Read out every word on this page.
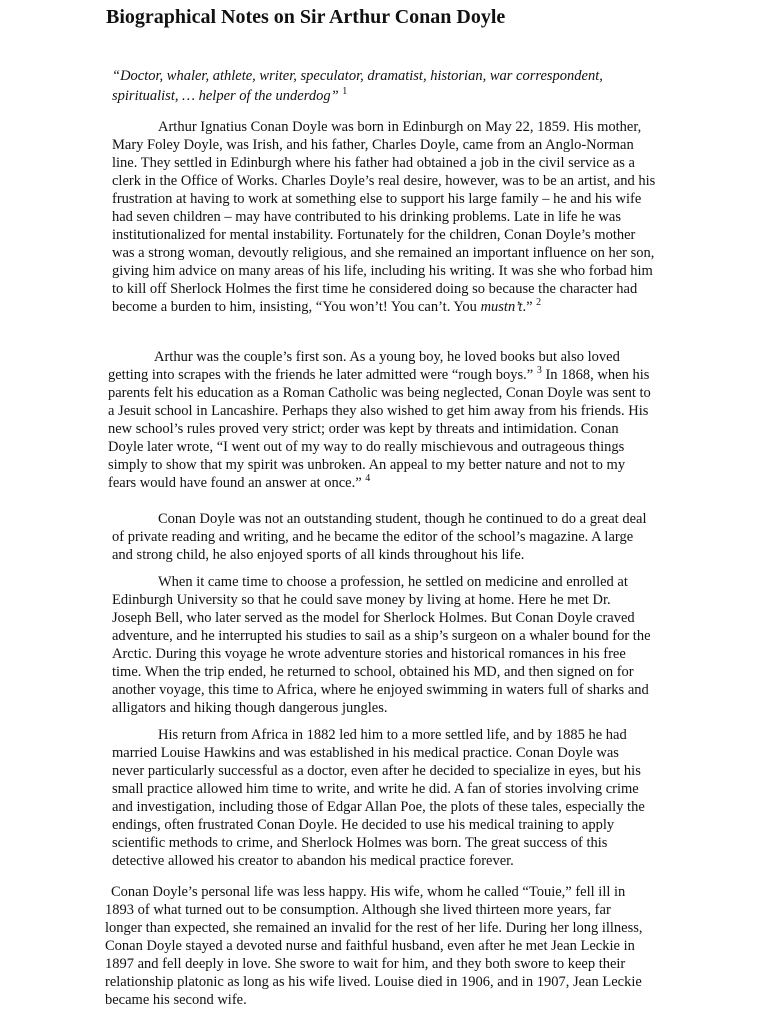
Biographical Notes on Sir Arthur Conan Doyle

“Doctor, whaler, athlete, writer, speculator, dramatist, historian, war correspondent, spiritualist, … helper of the underdog” $^1$

Arthur Ignatius Conan Doyle was born in Edinburgh on May 22, 1859. His mother, Mary Foley Doyle, was Irish, and his father, Charles Doyle, came from an Anglo-Norman line. They settled in Edinburgh where his father had obtained a job in the civil service as a clerk in the Office of Works. Charles Doyle’s real desire, however, was to be an artist, and his frustration at having to work at something else to support his large family – he and his wife had seven children – may have contributed to his drinking problems. Late in life he was institutionalized for mental instability. Fortunately for the children, Conan Doyle’s mother was a strong woman, devoutly religious, and she remained an important influence on her son, giving him advice on many areas of his life, including his writing. It was she who forbad him to kill off Sherlock Holmes the first time he considered doing so because the character had become a burden to him, insisting, “You won’t! You can’t. You mustn’t.” $^2$

Arthur was the couple’s first son. As a young boy, he loved books but also loved getting into scrapes with the friends he later admitted were “rough boys.” $^3$ In 1868, when his parents felt his education as a Roman Catholic was being neglected, Conan Doyle was sent to a Jesuit school in Lancashire. Perhaps they also wished to get him away from his friends. His new school’s rules proved very strict; order was kept by threats and intimidation. Conan Doyle later wrote, “I went out of my way to do really mischievous and outrageous things simply to show that my spirit was unbroken. An appeal to my better nature and not to my fears would have found an answer at once.” $^4$

Conan Doyle was not an outstanding student, though he continued to do a great deal of private reading and writing, and he became the editor of the school’s magazine. A large and strong child, he also enjoyed sports of all kinds throughout his life.

When it came time to choose a profession, he settled on medicine and enrolled at Edinburgh University so that he could save money by living at home. Here he met Dr. Joseph Bell, who later served as the model for Sherlock Holmes. But Conan Doyle craved adventure, and he interrupted his studies to sail as a ship’s surgeon on a whaler bound for the Arctic. During this voyage he wrote adventure stories and historical romances in his free time. When the trip ended, he returned to school, obtained his MD, and then signed on for another voyage, this time to Africa, where he enjoyed swimming in waters full of sharks and alligators and hiking though dangerous jungles.

His return from Africa in 1882 led him to a more settled life, and by 1885 he had married Louise Hawkins and was established in his medical practice. Conan Doyle was never particularly successful as a doctor, even after he decided to specialize in eyes, but his small practice allowed him time to write, and write he did. A fan of stories involving crime and investigation, including those of Edgar Allan Poe, the plots of these tales, especially the endings, often frustrated Conan Doyle. He decided to use his medical training to apply scientific methods to crime, and Sherlock Holmes was born. The great success of this detective allowed his creator to abandon his medical practice forever.

Conan Doyle’s personal life was less happy. His wife, whom he called “Touie,” fell ill in 1893 of what turned out to be consumption. Although she lived thirteen more years, far longer than expected, she remained an invalid for the rest of her life. During her long illness, Conan Doyle stayed a devoted nurse and faithful husband, even after he met Jean Leckie in 1897 and fell deeply in love. She swore to wait for him, and they both swore to keep their relationship platonic as long as his wife lived. Louise died in 1906, and in 1907, Jean Leckie became his second wife.
